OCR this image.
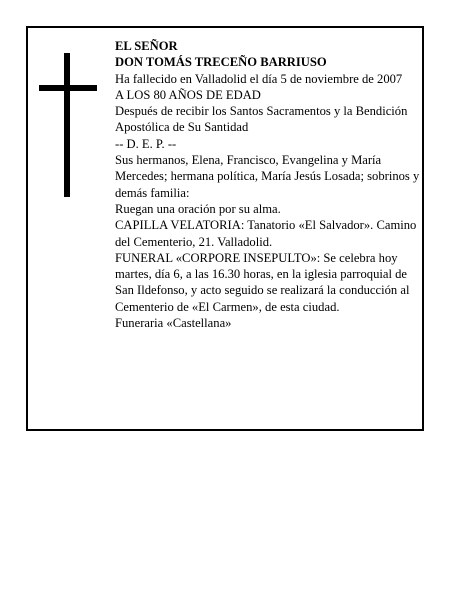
EL SEÑOR

DON TOMÁS TRECEÑO BARRIUSO

Ha fallecido en Valladolid el día 5 de noviembre de 2007

A LOS 80 AÑOS DE EDAD

Después de recibir los Santos Sacramentos y la Bendición Apostólica de Su Santidad

-- D. E. P. --

Sus hermanos, Elena, Francisco, Evangelina y María Mercedes; hermana política, María Jesús Losada; sobrinos y demás familia:

Ruegan una oración por su alma.

CAPILLA VELATORIA: Tanatorio «El Salvador». Camino del Cementerio, 21. Valladolid.

FUNERAL «CORPORE INSEPULTO»: Se celebra hoy martes, día 6, a las 16.30 horas, en la iglesia parroquial de San Ildefonso, y acto seguido se realizará la conducción al Cementerio de «El Carmen», de esta ciudad.

Funeraria «Castellana»
